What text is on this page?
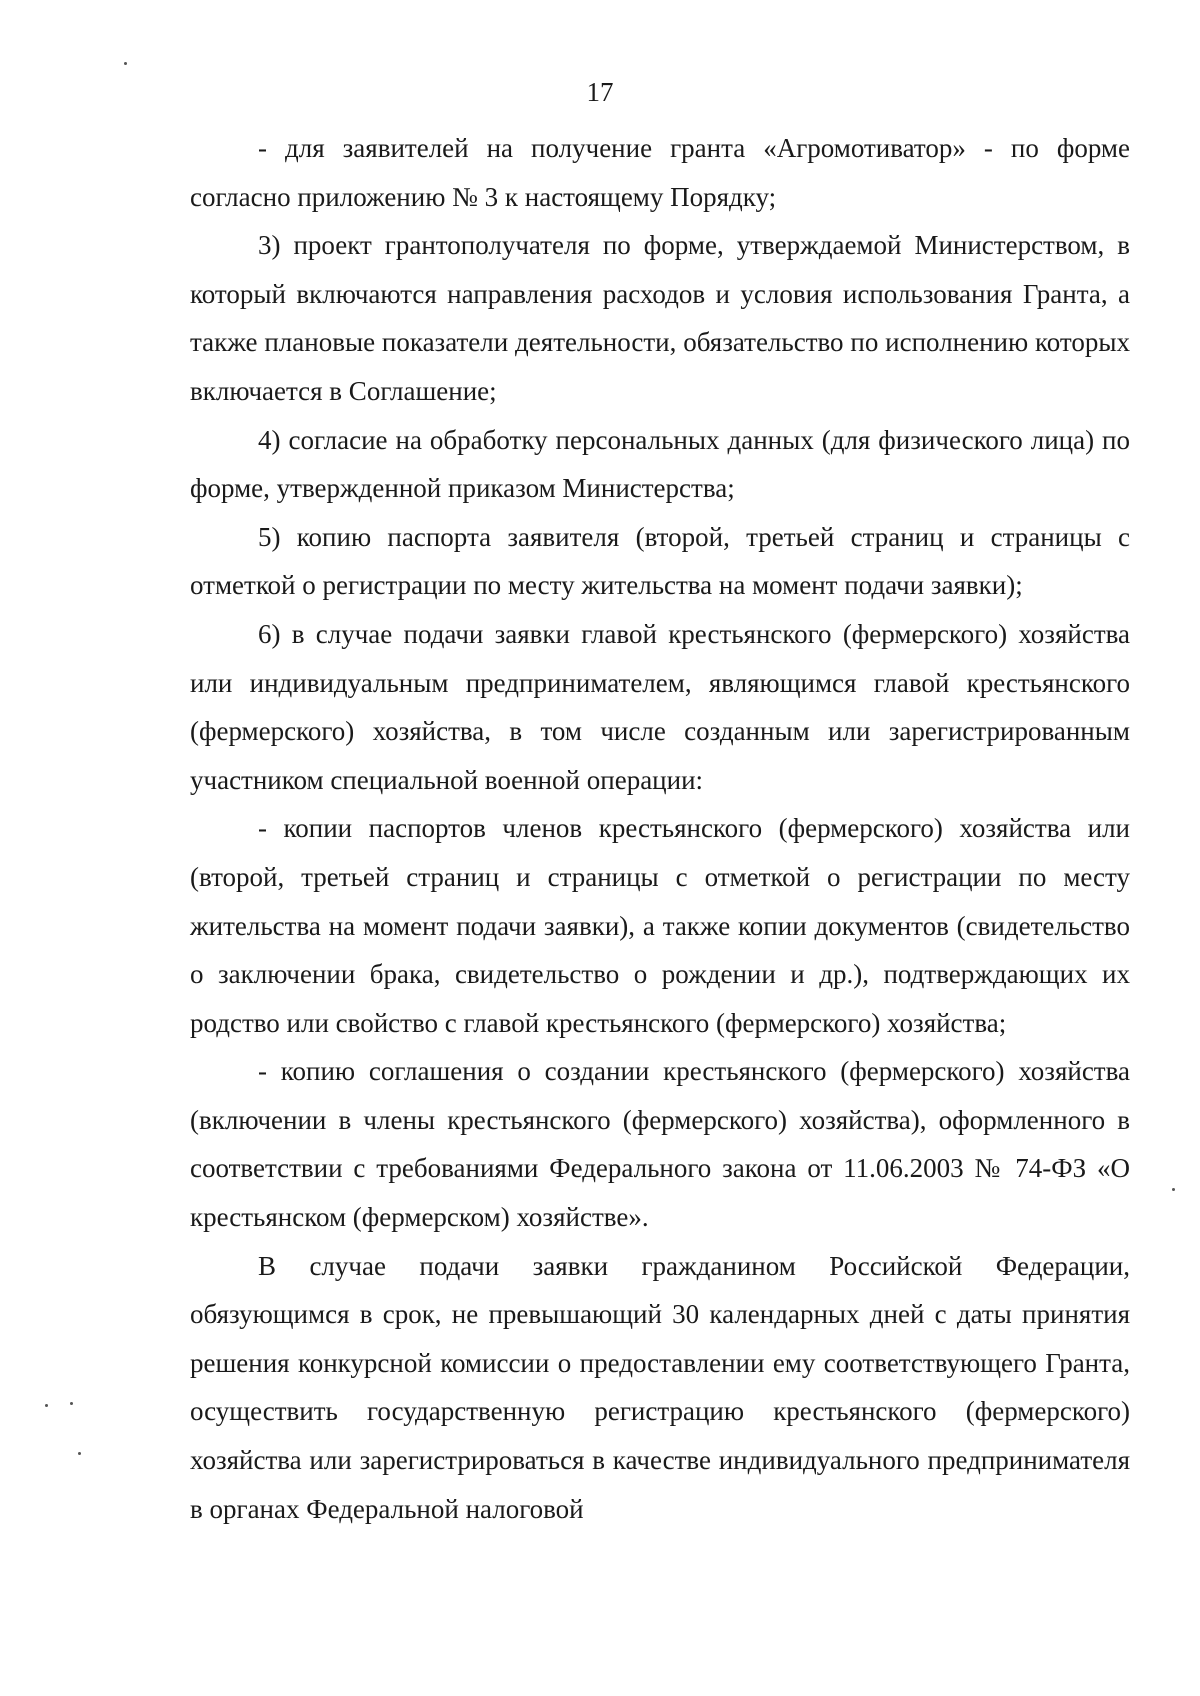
17

- для заявителей на получение гранта «Агромотиватор» - по форме согласно приложению № 3 к настоящему Порядку;

3) проект грантополучателя по форме, утверждаемой Министерством, в который включаются направления расходов и условия использования Гранта, а также плановые показатели деятельности, обязательство по исполнению которых включается в Соглашение;

4) согласие на обработку персональных данных (для физического лица) по форме, утвержденной приказом Министерства;

5) копию паспорта заявителя (второй, третьей страниц и страницы с отметкой о регистрации по месту жительства на момент подачи заявки);

6) в случае подачи заявки главой крестьянского (фермерского) хозяйства или индивидуальным предпринимателем, являющимся главой крестьянского (фермерского) хозяйства, в том числе созданным или зарегистрированным участником специальной военной операции:

- копии паспортов членов крестьянского (фермерского) хозяйства или (второй, третьей страниц и страницы с отметкой о регистрации по месту жительства на момент подачи заявки), а также копии документов (свидетельство о заключении брака, свидетельство о рождении и др.), подтверждающих их родство или свойство с главой крестьянского (фермерского) хозяйства;

- копию соглашения о создании крестьянского (фермерского) хозяйства (включении в члены крестьянского (фермерского) хозяйства), оформленного в соответствии с требованиями Федерального закона от 11.06.2003 № 74-ФЗ «О крестьянском (фермерском) хозяйстве».

В случае подачи заявки гражданином Российской Федерации, обязующимся в срок, не превышающий 30 календарных дней с даты принятия решения конкурсной комиссии о предоставлении ему соответствующего Гранта, осуществить государственную регистрацию крестьянского (фермерского) хозяйства или зарегистрироваться в качестве индивидуального предпринимателя в органах Федеральной налоговой
